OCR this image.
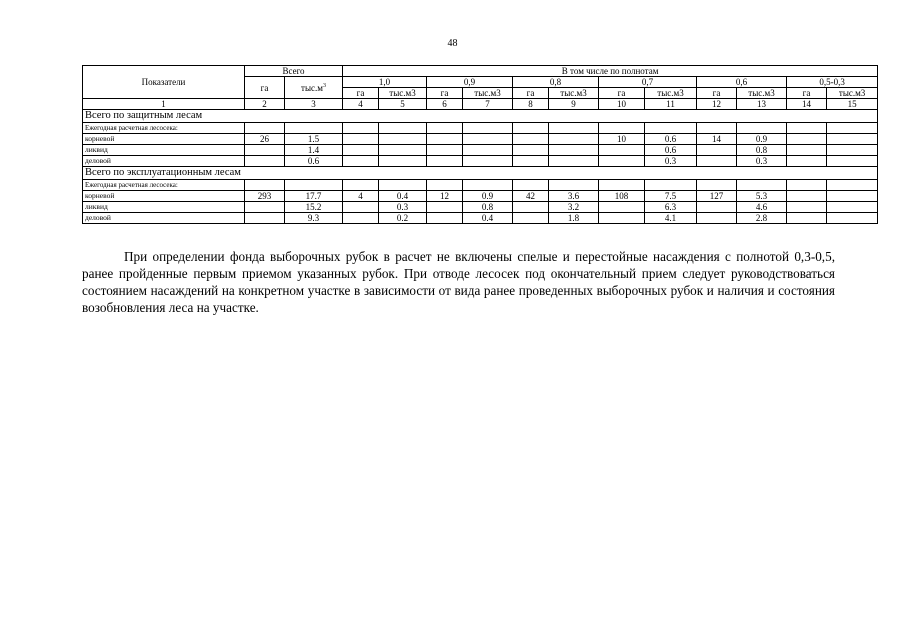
48
Показатели	Всего		В том числе по полнотам											
	га	$тыс.м^3$	1,0		0,9		0,8		0,7		0,6		0,5-0,3	
			га	тыс.м3	га	тыс.м3	га	тыс.м3	га	тыс.м3	га	тыс.м3	га	тыс.м3
1	2	3	4	5	6	7	8	9	10	11	12	13	14	15
Всего по защитным лесам														
Ежегодная расчетная лесосека:														
корневой	26	1.5							10	0.6	14	0.9		
ликвид		1.4								0.6		0.8		
деловой		0.6								0.3		0.3		
Всего по эксплуатационным лесам														
Ежегодная расчетная лесосека:														
корневой	293	17.7	4	0.4	12	0.9	42	3.6	108	7.5	127	5.3		
ликвид		15.2		0.3		0.8		3.2		6.3		4.6		
деловой		9.3		0.2		0.4		1.8		4.1		2.8		

При определении фонда выборочных рубок в расчет не включены спелые и перестойные насаждения с полнотой 0,3-0,5, ранее пройденные первым приемом указанных рубок. При отводе лесосек под окончательный прием следует руководствоваться состоянием насаждений на конкретном участке в зависимости от вида ранее проведенных выборочных рубок и наличия и состояния возобновления леса на участке.
